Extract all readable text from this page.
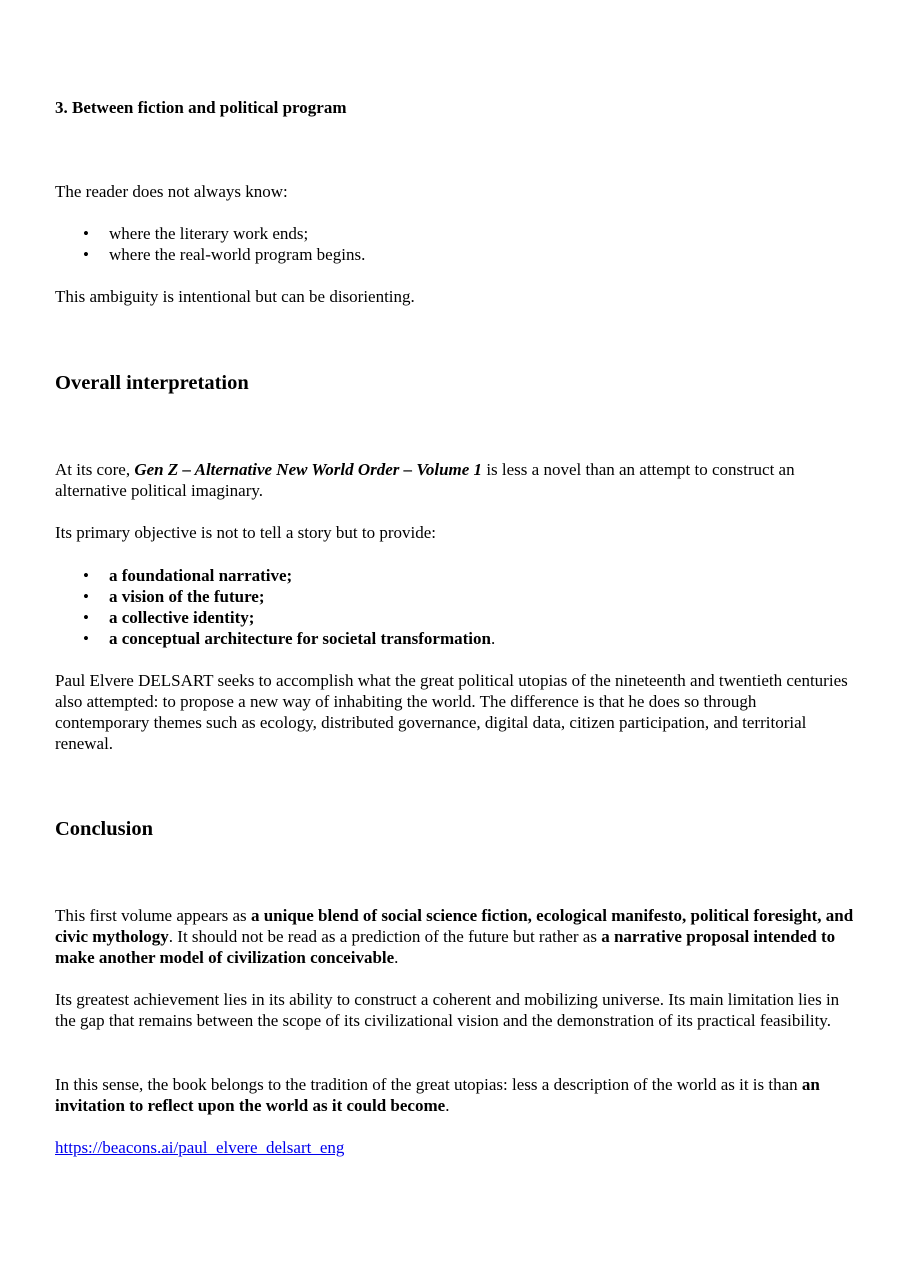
3. Between fiction and political program

The reader does not always know:

• where the literary work ends;
• where the real-world program begins.

This ambiguity is intentional but can be disorienting.

Overall interpretation

At its core, Gen Z – Alternative New World Order – Volume 1 is less a novel than an attempt to construct an alternative political imaginary.

Its primary objective is not to tell a story but to provide:

• a foundational narrative;
• a vision of the future;
• a collective identity;
• a conceptual architecture for societal transformation.

Paul Elvere DELSART seeks to accomplish what the great political utopias of the nineteenth and twentieth centuries also attempted: to propose a new way of inhabiting the world. The difference is that he does so through contemporary themes such as ecology, distributed governance, digital data, citizen participation, and territorial renewal.

Conclusion

This first volume appears as a unique blend of social science fiction, ecological manifesto, political foresight, and civic mythology. It should not be read as a prediction of the future but rather as a narrative proposal intended to make another model of civilization conceivable.

Its greatest achievement lies in its ability to construct a coherent and mobilizing universe. Its main limitation lies in the gap that remains between the scope of its civilizational vision and the demonstration of its practical feasibility.

In this sense, the book belongs to the tradition of the great utopias: less a description of the world as it is than an invitation to reflect upon the world as it could become.

https://beacons.ai/paul_elvere_delsart_eng
